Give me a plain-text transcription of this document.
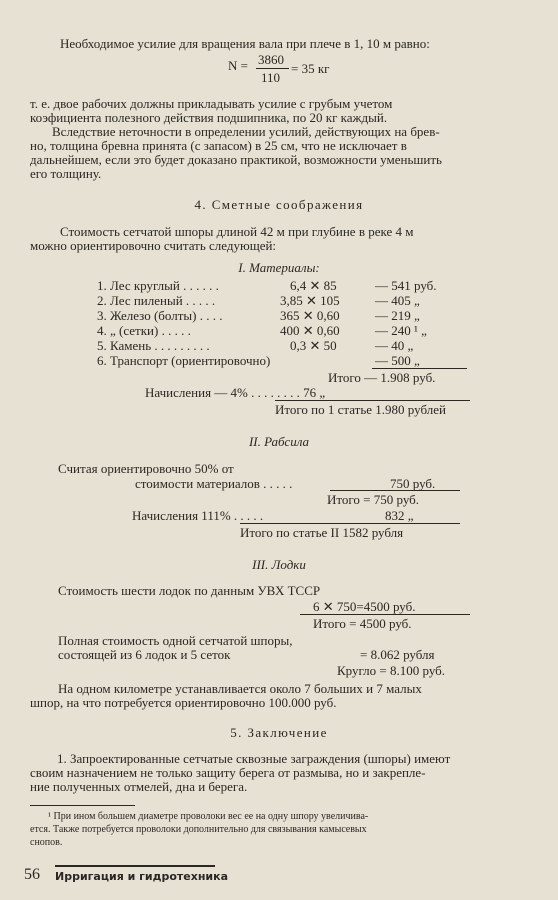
Необходимое усилие для вращения вала при плече в 1, 10 м равно:
N = 3860
110
= 35 кг
т. е. двое рабочих должны прикладывать усилие с грубым учетом
коэфициента полезного действия подшипника, по 20 кг каждый.
Вследствие неточности в определении усилий, действующих на брев-
но, толщина бревна принята (с запасом) в 25 см, что не исключает в
дальнейшем, если это будет доказано практикой, возможности уменьшить
его толщину.
4. Сметные соображения
Стоимость сетчатой шпоры длиной 42 м при глубине в реке 4 м
можно ориентировочно считать следующей:
I. Материалы:
1. Лес круглый . . . . . .	6,4 ✕ 85	— 541 руб.
2. Лес пиленый . . . . .	3,85 ✕ 105	— 405 „
3. Железо (болты) . . . .	365 ✕ 0,60	— 219 „
4. „ (сетки) . . . . .	400 ✕ 0,60	— 240 ¹ „
5. Камень . . . . . . . . .	0,3 ✕ 50	— 40 „
6. Транспорт (ориентировочно)	— 500 „
Итого — 1.908 руб.
Начисления — 4% . . . . . . . . 76 „
Итого по 1 статье 1.980 рублей
II. Рабсила
Считая ориентировочно 50% от
стоимости материалов . . . . .	750 руб.
Итого = 750 руб.
Начисления 111% . . . . .	832 „
Итого по статье II 1582 рубля
III. Лодки
Стоимость шести лодок по данным УВХ ТССР
6 ✕ 750=4500 руб.
Итого = 4500 руб.
Полная стоимость одной сетчатой шпоры,
состоящей из 6 лодок и 5 сеток	= 8.062 рубля
Кругло = 8.100 руб.
На одном километре устанавливается около 7 больших и 7 малых
шпор, на что потребуется ориентировочно 100.000 руб.
5. Заключение
1. Запроектированные сетчатые сквозные заграждения (шпоры) имеют
своим назначением не только защиту берега от размыва, но и закрепле-
ние полученных отмелей, дна и берега.
¹ При ином большем диаметре проволоки вес ее на одну шпору увеличива-
ется. Также потребуется проволоки дополнительно для связывания камыcевых
снопов.
56 Ирригация и гидротехника
